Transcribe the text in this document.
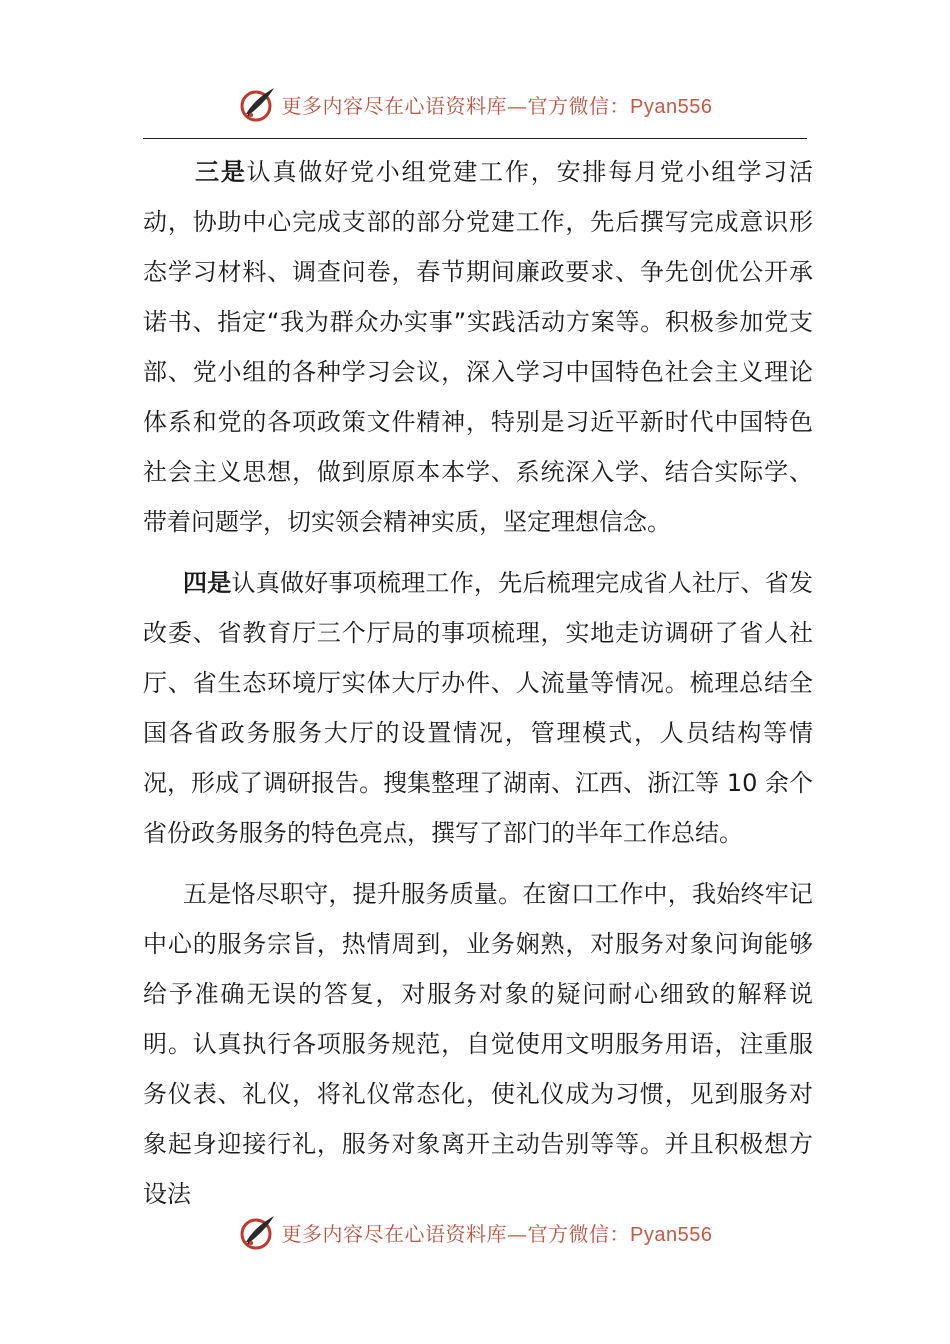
更多内容尽在心语资料库—官方微信：Pyan556

三是认真做好党小组党建工作，安排每月党小组学习活动，协助中心完成支部的部分党建工作，先后撰写完成意识形态学习材料、调查问卷，春节期间廉政要求、争先创优公开承诺书、指定“我为群众办实事”实践活动方案等。积极参加党支部、党小组的各种学习会议，深入学习中国特色社会主义理论体系和党的各项政策文件精神，特别是习近平新时代中国特色社会主义思想，做到原原本本学、系统深入学、结合实际学、带着问题学，切实领会精神实质，坚定理想信念。

四是认真做好事项梳理工作，先后梳理完成省人社厅、省发改委、省教育厅三个厅局的事项梳理，实地走访调研了省人社厅、省生态环境厅实体大厅办件、人流量等情况。梳理总结全国各省政务服务大厅的设置情况，管理模式，人员结构等情况，形成了调研报告。搜集整理了湖南、江西、浙江等 10 余个省份政务服务的特色亮点，撰写了部门的半年工作总结。

五是恪尽职守，提升服务质量。在窗口工作中，我始终牢记中心的服务宗旨，热情周到，业务娴熟，对服务对象问询能够给予准确无误的答复，对服务对象的疑问耐心细致的解释说明。认真执行各项服务规范，自觉使用文明服务用语，注重服务仪表、礼仪，将礼仪常态化，使礼仪成为习惯，见到服务对象起身迎接行礼，服务对象离开主动告别等等。并且积极想方设法

更多内容尽在心语资料库—官方微信：Pyan556
